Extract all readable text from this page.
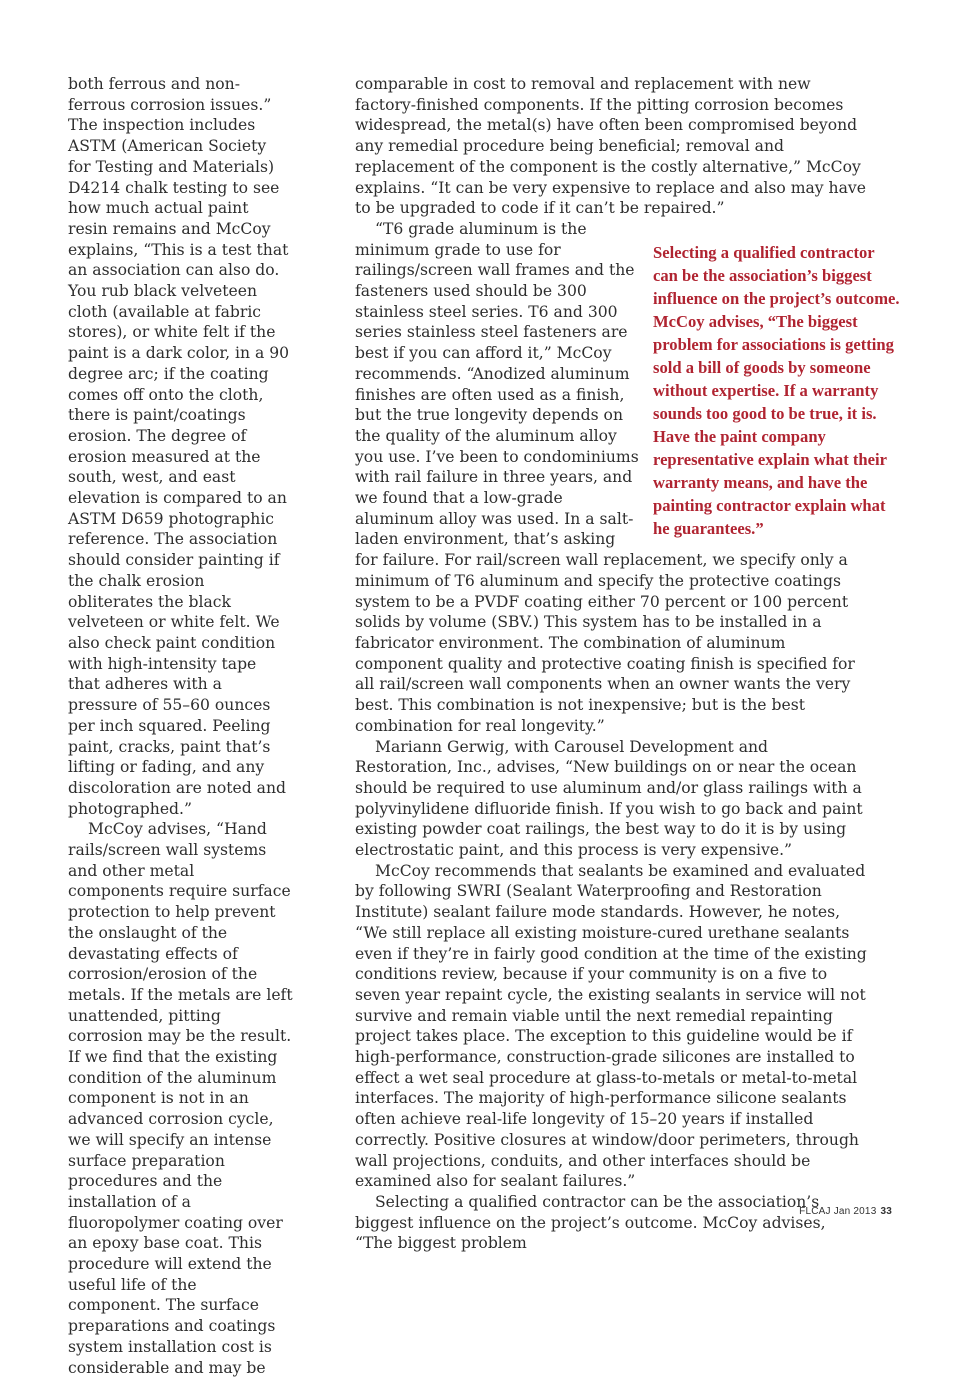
both ferrous and non-ferrous corrosion issues.” The inspection includes ASTM (American Society for Testing and Materials) D4214 chalk testing to see how much actual paint resin remains and McCoy explains, “This is a test that an association can also do. You rub black velveteen cloth (available at fabric stores), or white felt if the paint is a dark color, in a 90 degree arc; if the coating comes off onto the cloth, there is paint/coatings erosion. The degree of erosion measured at the south, west, and east elevation is compared to an ASTM D659 photographic reference. The association should consider painting if the chalk erosion obliterates the black velveteen or white felt. We also check paint condition with high-intensity tape that adheres with a pressure of 55–60 ounces per inch squared. Peeling paint, cracks, paint that’s lifting or fading, and any discoloration are noted and photographed.”

McCoy advises, “Hand rails/screen wall systems and other metal components require surface protection to help prevent the onslaught of the devastating effects of corrosion/erosion of the metals. If the metals are left unattended, pitting corrosion may be the result. If we find that the existing condition of the aluminum component is not in an advanced corrosion cycle, we will specify an intense surface preparation procedures and the installation of a fluoropolymer coating over an epoxy base coat. This procedure will extend the useful life of the component. The surface preparations and coatings system installation cost is considerable and may be

comparable in cost to removal and replacement with new factory-finished components. If the pitting corrosion becomes widespread, the metal(s) have often been compromised beyond any remedial procedure being beneficial; removal and replacement of the component is the costly alternative,” McCoy explains. “It can be very expensive to replace and also may have to be upgraded to code if it can’t be repaired.”

Selecting a qualified contractor can be the association’s biggest influence on the project’s outcome. McCoy advises, “The biggest problem for associations is getting sold a bill of goods by someone without expertise. If a warranty sounds too good to be true, it is. Have the paint company representative explain what their warranty means, and have the painting contractor explain what he guarantees.”

“T6 grade aluminum is the minimum grade to use for railings/screen wall frames and the fasteners used should be 300 stainless steel series. T6 and 300 series stainless steel fasteners are best if you can afford it,” McCoy recommends. “Anodized aluminum finishes are often used as a finish, but the true longevity depends on the quality of the aluminum alloy you use. I’ve been to condominiums with rail failure in three years, and we found that a low-grade aluminum alloy was used. In a salt-laden environment, that’s asking for failure. For rail/screen wall replacement, we specify only a minimum of T6 aluminum and specify the protective coatings system to be a PVDF coating either 70 percent or 100 percent solids by volume (SBV.) This system has to be installed in a fabricator environment. The combination of aluminum component quality and protective coating finish is specified for all rail/screen wall components when an owner wants the very best. This combination is not inexpensive; but is the best combination for real longevity.”

Mariann Gerwig, with Carousel Development and Restoration, Inc., advises, “New buildings on or near the ocean should be required to use aluminum and/or glass railings with a polyvinylidene difluoride finish. If you wish to go back and paint existing powder coat railings, the best way to do it is by using electrostatic paint, and this process is very expensive.”

McCoy recommends that sealants be examined and evaluated by following SWRI (Sealant Waterproofing and Restoration Institute) sealant failure mode standards. However, he notes, “We still replace all existing moisture-cured urethane sealants even if they’re in fairly good condition at the time of the existing conditions review, because if your community is on a five to seven year repaint cycle, the existing sealants in service will not survive and remain viable until the next remedial repainting project takes place. The exception to this guideline would be if high-performance, construction-grade silicones are installed to effect a wet seal procedure at glass-to-metals or metal-to-metal interfaces. The majority of high-performance silicone sealants often achieve real-life longevity of 15–20 years if installed correctly. Positive closures at window/door perimeters, through wall projections, conduits, and other interfaces should be examined also for sealant failures.”

Selecting a qualified contractor can be the association’s biggest influence on the project’s outcome. McCoy advises, “The biggest problem

FLCAJ Jan 2013 33
